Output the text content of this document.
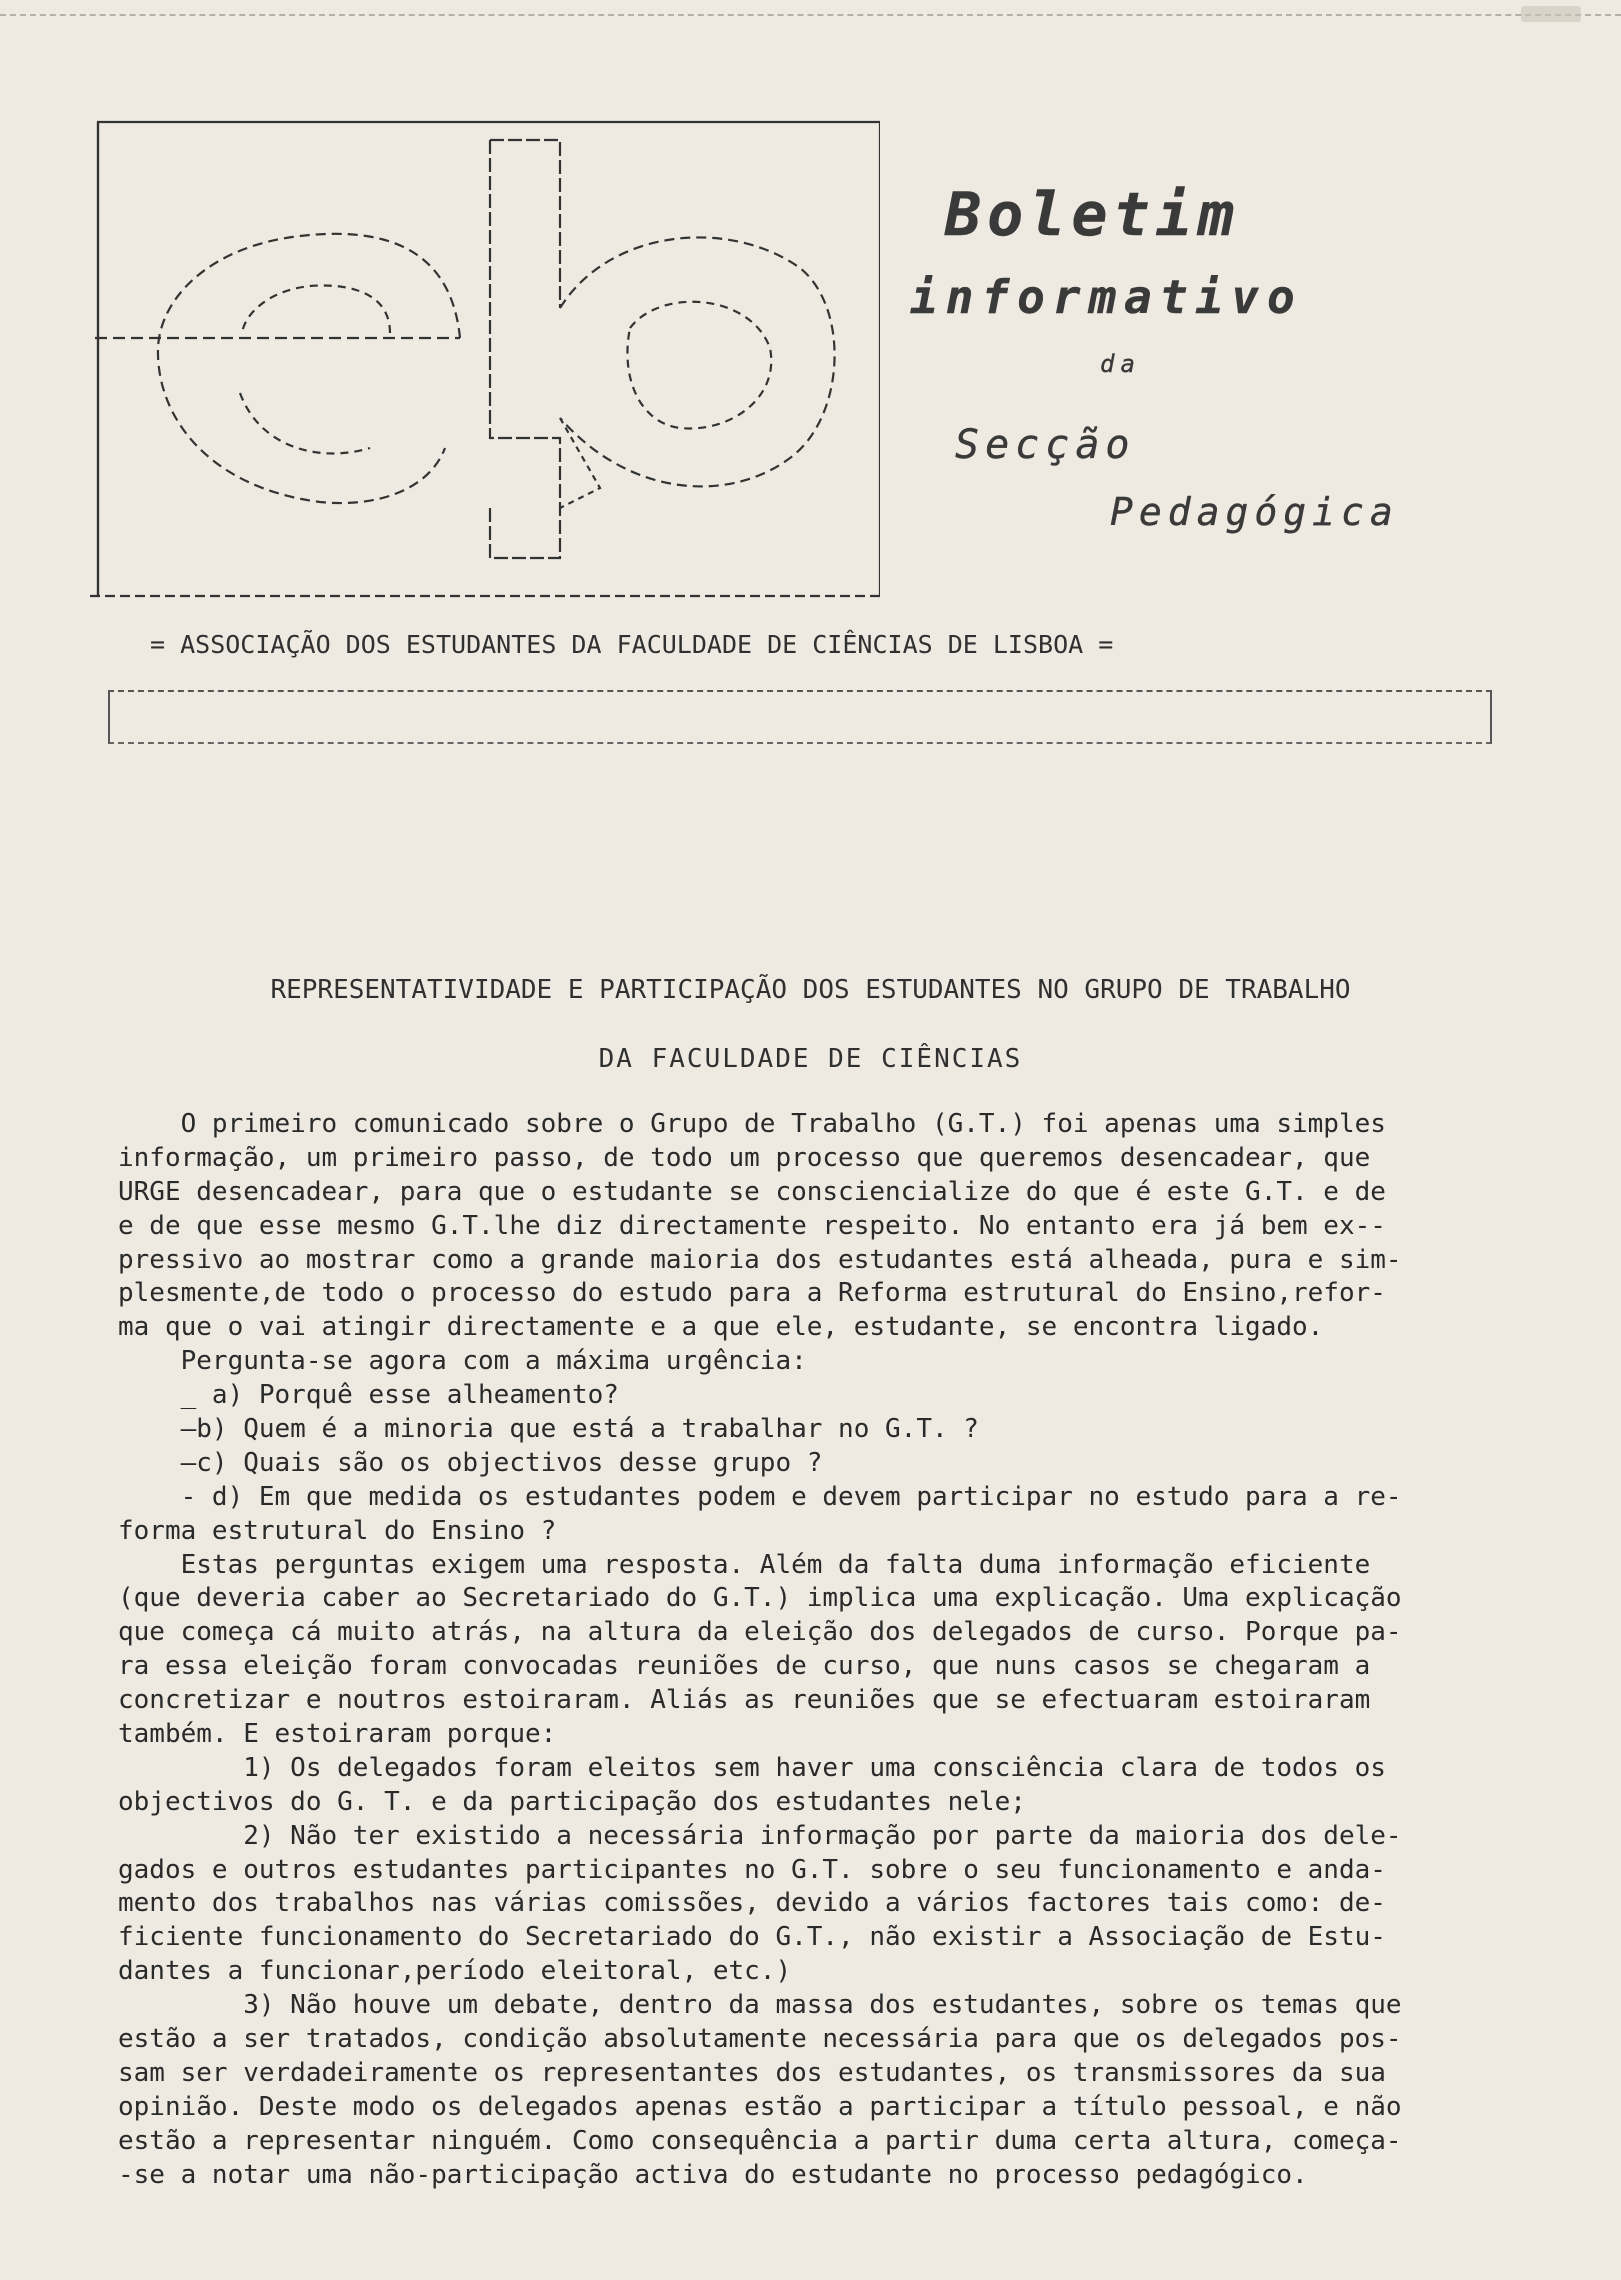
Boletim
informativo
da
Secção
Pedagógica
= ASSOCIAÇÃO DOS ESTUDANTES DA FACULDADE DE CIÊNCIAS DE LISBOA =
REPRESENTATIVIDADE E PARTICIPAÇÃO DOS ESTUDANTES NO GRUPO DE TRABALHO
DA FACULDADE DE CIÊNCIAS
O primeiro comunicado sobre o Grupo de Trabalho (G.T.) foi apenas uma simples
informação, um primeiro passo, de todo um processo que queremos desencadear, que
URGE desencadear, para que o estudante se consciencialize do que é este G.T. e de
e de que esse mesmo G.T.lhe diz directamente respeito. No entanto era já bem ex--
pressivo ao mostrar como a grande maioria dos estudantes está alheada, pura e sim-
plesmente,de todo o processo do estudo para a Reforma estrutural do Ensino,refor-
ma que o vai atingir directamente e a que ele, estudante, se encontra ligado.
Pergunta-se agora com a máxima urgência:
_ a) Porquê esse alheamento?
—b) Quem é a minoria que está a trabalhar no G.T. ?
—c) Quais são os objectivos desse grupo ?
- d) Em que medida os estudantes podem e devem participar no estudo para a re-
forma estrutural do Ensino ?
Estas perguntas exigem uma resposta. Além da falta duma informação eficiente
(que deveria caber ao Secretariado do G.T.) implica uma explicação. Uma explicação
que começa cá muito atrás, na altura da eleição dos delegados de curso. Porque pa-
ra essa eleição foram convocadas reuniões de curso, que nuns casos se chegaram a
concretizar e noutros estoiraram. Aliás as reuniões que se efectuaram estoiraram
também. E estoiraram porque:
1) Os delegados foram eleitos sem haver uma consciência clara de todos os
objectivos do G. T. e da participação dos estudantes nele;
2) Não ter existido a necessária informação por parte da maioria dos dele-
gados e outros estudantes participantes no G.T. sobre o seu funcionamento e anda-
mento dos trabalhos nas várias comissões, devido a vários factores tais como: de-
ficiente funcionamento do Secretariado do G.T., não existir a Associação de Estu-
dantes a funcionar,período eleitoral, etc.)
3) Não houve um debate, dentro da massa dos estudantes, sobre os temas que
estão a ser tratados, condição absolutamente necessária para que os delegados pos-
sam ser verdadeiramente os representantes dos estudantes, os transmissores da sua
opinião. Deste modo os delegados apenas estão a participar a título pessoal, e não
estão a representar ninguém. Como consequência a partir duma certa altura, começa-
-se a notar uma não-participação activa do estudante no processo pedagógico.
